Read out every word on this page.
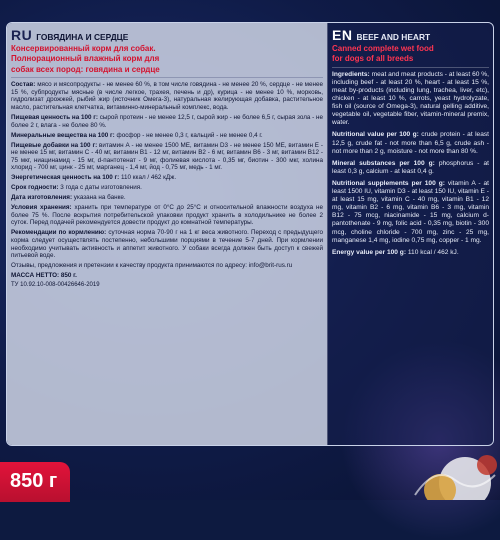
RU ГОВЯДИНА И СЕРДЦЕ
Консервированный корм для собак.
Полнорационный влажный корм для
собак всех пород: говядина и сердце

Состав: мясо и мясопродукты - не менее 60 %, в том числе говядина - не менее 20 %, сердце - не менее 15 %, субпродукты мясные (в числе легкое, трахея, печень и др), курица - не менее 10 %, морковь, гидролизат дрожжей, рыбий жир (источник Омега-3), натуральная желирующая добавка, растительное масло, растительная клетчатка, витаминно-минеральный комплекс, вода.

Пищевая ценность на 100 г: сырой протеин - не менее 12,5 г, сырой жир - не более 6,5 г, сырая зола - не более 2 г, влага - не более 80 %.

Минеральные вещества на 100 г: фосфор - не менее 0,3 г, кальций - не менее 0,4 г.

Пищевые добавки на 100 г: витамин А - не менее 1500 МЕ, витамин D3 - не менее 150 МЕ, витамин Е - не менее 15 мг, витамин С - 40 мг, витамин В1 - 12 мг, витамин В2 - 6 мг, витамин В6 - 3 мг, витамин В12 - 75 мкг, ниацинамид - 15 мг, d-пантотенат - 9 мг, фолиевая кислота - 0,35 мг, биотин - 300 мкг, холина хлорид - 700 мг, цинк - 25 мг, марганец - 1,4 мг, йод - 0,75 мг, медь - 1 мг.

Энергетическая ценность на 100 г: 110 ккал / 462 кДж.

Срок годности: 3 года с даты изготовления.

Дата изготовления: указана на банке.

Условия хранения: хранить при температуре от 0°С до 25°С и относительной влажности воздуха не более 75 %. После вскрытия потребительской упаковки продукт хранить в холодильнике не более 2 суток. Перед подачей рекомендуется довести продукт до комнатной температуры.

Рекомендации по кормлению: суточная норма 70-90 г на 1 кг веса животного. Переход с предыдущего корма следует осуществлять постепенно, небольшими порциями в течение 5-7 дней. При кормлении необходимо учитывать активность и аппетит животного. У собаки всегда должен быть доступ к свежей питьевой воде.

Отзывы, предложения и претензии к качеству продукта принимаются по адресу: info@brit-rus.ru

МАССА НЕТТО: 850 г.

ТУ 10.92.10-008-00426646-2019
EN BEEF AND HEART
Canned complete wet food
for dogs of all breeds

Ingredients: meat and meat products - at least 60 %, including beef - at least 20 %, heart - at least 15 %, meat by-products (including lung, trachea, liver, etc), chicken - at least 10 %, carrots, yeast hydrolyzate, fish oil (source of Omega-3), natural gelling additive, vegetable oil, vegetable fiber, vitamin-mineral premix, water.

Nutritional value per 100 g: crude protein - at least 12,5 g, crude fat - not more than 6,5 g, crude ash - not more than 2 g, moisture - not more than 80 %.

Mineral substances per 100 g: phosphorus - at least 0,3 g, calcium - at least 0,4 g.

Nutritional supplements per 100 g: vitamin A - at least 1500 IU, vitamin D3 - at least 150 IU, vitamin E - at least 15 mg, vitamin C - 40 mg, vitamin B1 - 12 mg, vitamin B2 - 6 mg, vitamin B6 - 3 mg, vitamin B12 - 75 mcg, niacinamide - 15 mg, calcium d-pantothenate - 9 mg, folic acid - 0,35 mg, biotin - 300 mcg, choline chloride - 700 mg, zinc - 25 mg, manganese 1,4 mg, iodine 0,75 mg, copper - 1 mg.

Energy value per 100 g: 110 kcal / 462 kJ.

850 г
